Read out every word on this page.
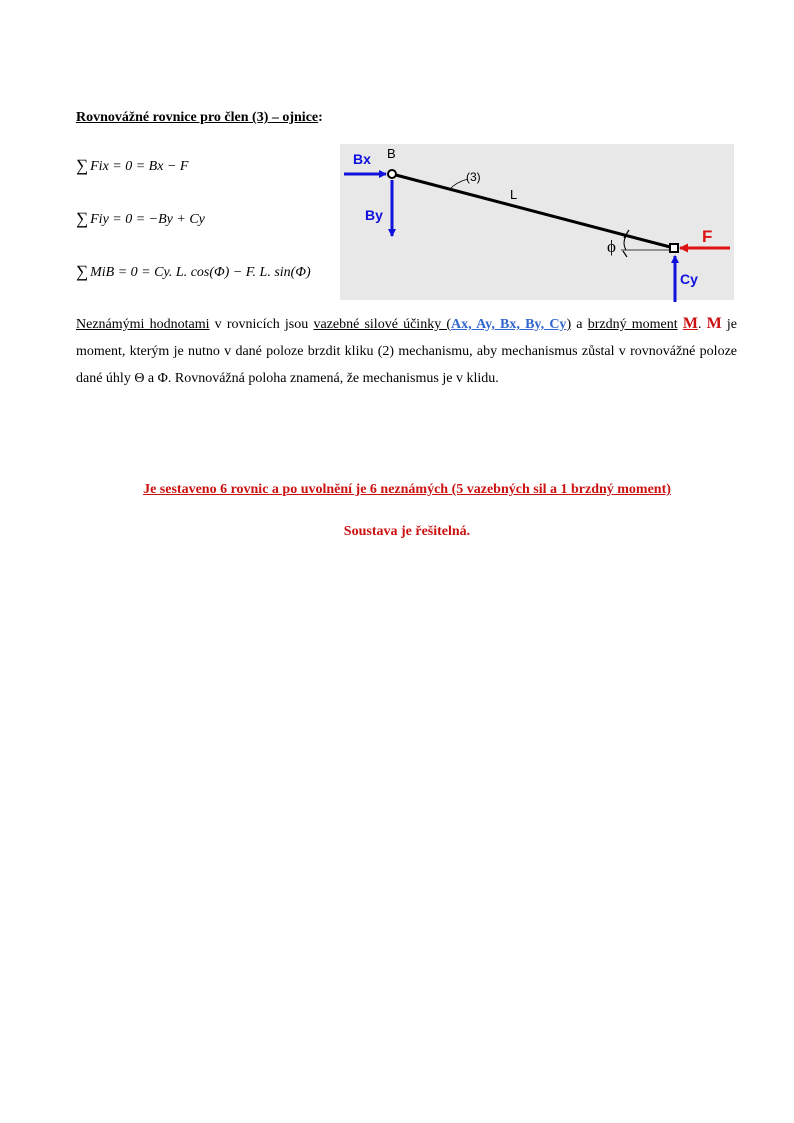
Rovnovážné rovnice pro člen (3) – ojnice:
∑ Fix = 0 = Bx − F
∑ Fiy = 0 = −By + Cy
∑ MiB = 0 = Cy. L. cos(Φ) − F. L. sin(Φ)
Bx B
By
(3)
L
ϕ
F
Cy
Neznámými hodnotami v rovnicích jsou vazebné silové účinky (Ax, Ay, Bx, By, Cy) a brzdný moment M. M je moment, kterým je nutno v dané poloze brzdit kliku (2) mechanismu, aby mechanismus zůstal v rovnovážné poloze dané úhly Θ a Φ. Rovnovážná poloha znamená, že mechanismus je v klidu.
Je sestaveno 6 rovnic a po uvolnění je 6 neznámých (5 vazebných sil a 1 brzdný moment)
Soustava je řešitelná.
